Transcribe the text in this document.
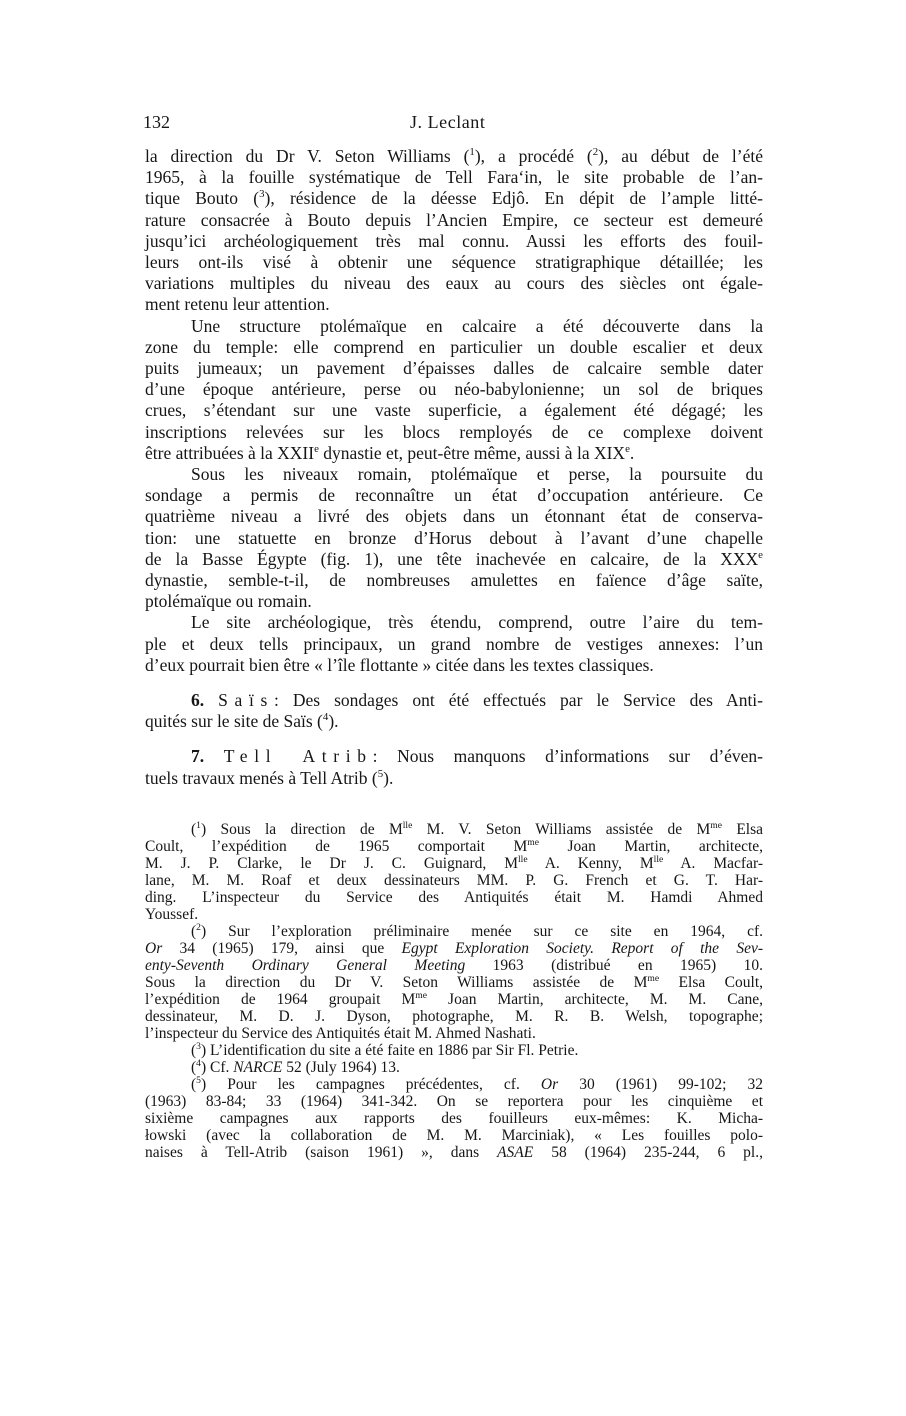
132	J. Leclant
la direction du Dr V. Seton Williams ($^1$), a procédé ($^2$), au début de l’été
1965, à la fouille systématique de Tell Fara‘in, le site probable de l’an-
tique Bouto ($^3$), résidence de la déesse Edjô. En dépit de l’ample litté-
rature consacrée à Bouto depuis l’Ancien Empire, ce secteur est demeuré
jusqu’ici archéologiquement très mal connu. Aussi les efforts des fouil-
leurs ont-ils visé à obtenir une séquence stratigraphique détaillée; les
variations multiples du niveau des eaux au cours des siècles ont égale-
ment retenu leur attention.
Une structure ptolémaïque en calcaire a été découverte dans la
zone du temple: elle comprend en particulier un double escalier et deux
puits jumeaux; un pavement d’épaisses dalles de calcaire semble dater
d’une époque antérieure, perse ou néo-babylonienne; un sol de briques
crues, s’étendant sur une vaste superficie, a également été dégagé; les
inscriptions relevées sur les blocs remployés de ce complexe doivent
être attribuées à la XXIIe dynastie et, peut-être même, aussi à la XIXe.
Sous les niveaux romain, ptolémaïque et perse, la poursuite du
sondage a permis de reconnaître un état d’occupation antérieure. Ce
quatrième niveau a livré des objets dans un étonnant état de conserva-
tion: une statuette en bronze d’Horus debout à l’avant d’une chapelle
de la Basse Égypte (fig. 1), une tête inachevée en calcaire, de la XXXe
dynastie, semble-t-il, de nombreuses amulettes en faïence d’âge saïte,
ptolémaïque ou romain.
Le site archéologique, très étendu, comprend, outre l’aire du tem-
ple et deux tells principaux, un grand nombre de vestiges annexes: l’un
d’eux pourrait bien être « l’île flottante » citée dans les textes classiques.
6. Saïs: Des sondages ont été effectués par le Service des Anti-
quités sur le site de Saïs ($^4$).
7. Tell Atrib: Nous manquons d’informations sur d’éven-
tuels travaux menés à Tell Atrib ($^5$).
($^1$) Sous la direction de $M^{lle}$ M. V. Seton Williams assistée de $M^{me}$ Elsa
Coult, l’expédition de 1965 comportait $M^{me}$ Joan Martin, architecte,
M. J. P. Clarke, le Dr J. C. Guignard, $M^{lle}$ A. Kenny, $M^{lle}$ A. Macfar-
lane, M. M. Roaf et deux dessinateurs MM. P. G. French et G. T. Har-
ding. L’inspecteur du Service des Antiquités était M. Hamdi Ahmed
Youssef.
($^2$) Sur l’exploration préliminaire menée sur ce site en 1964, cf.
Or 34 (1965) 179, ainsi que Egypt Exploration Society. Report of the Sev-
enty-Seventh Ordinary General Meeting 1963 (distribué en 1965) 10.
Sous la direction du Dr V. Seton Williams assistée de $M^{me}$ Elsa Coult,
l’expédition de 1964 groupait $M^{me}$ Joan Martin, architecte, M. M. Cane,
dessinateur, M. D. J. Dyson, photographe, M. R. B. Welsh, topographe;
l’inspecteur du Service des Antiquités était M. Ahmed Nashati.
($^3$) L’identification du site a été faite en 1886 par Sir Fl. Petrie.
($^4$) Cf. NARCE 52 (July 1964) 13.
($^5$) Pour les campagnes précédentes, cf. Or 30 (1961) 99-102; 32
(1963) 83-84; 33 (1964) 341-342. On se reportera pour les cinquième et
sixième campagnes aux rapports des fouilleurs eux-mêmes: K. Micha-
łowski (avec la collaboration de M. M. Marciniak), « Les fouilles polo-
naises à Tell-Atrib (saison 1961) », dans ASAE 58 (1964) 235-244, 6 pl.,
